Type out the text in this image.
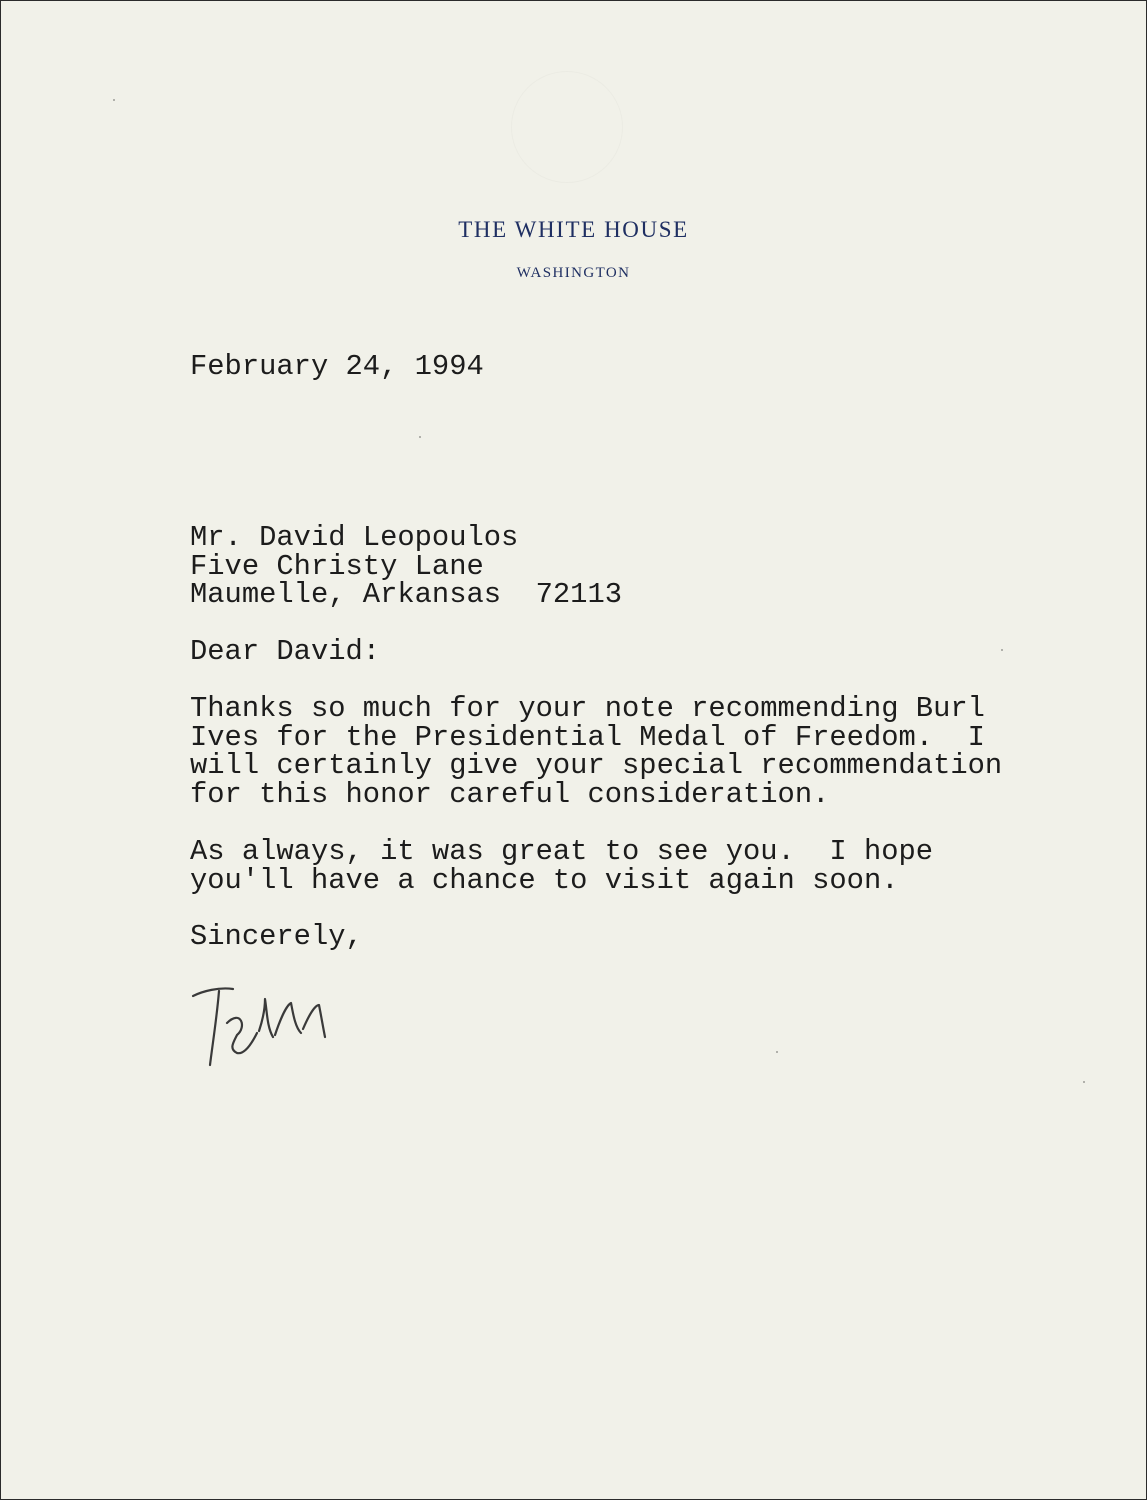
THE WHITE HOUSE
WASHINGTON
February 24, 1994
Mr. David Leopoulos
Five Christy Lane
Maumelle, Arkansas  72113
Dear David:
Thanks so much for your note recommending Burl
Ives for the Presidential Medal of Freedom.  I
will certainly give your special recommendation
for this honor careful consideration.
As always, it was great to see you.  I hope
you'll have a chance to visit again soon.
Sincerely,
